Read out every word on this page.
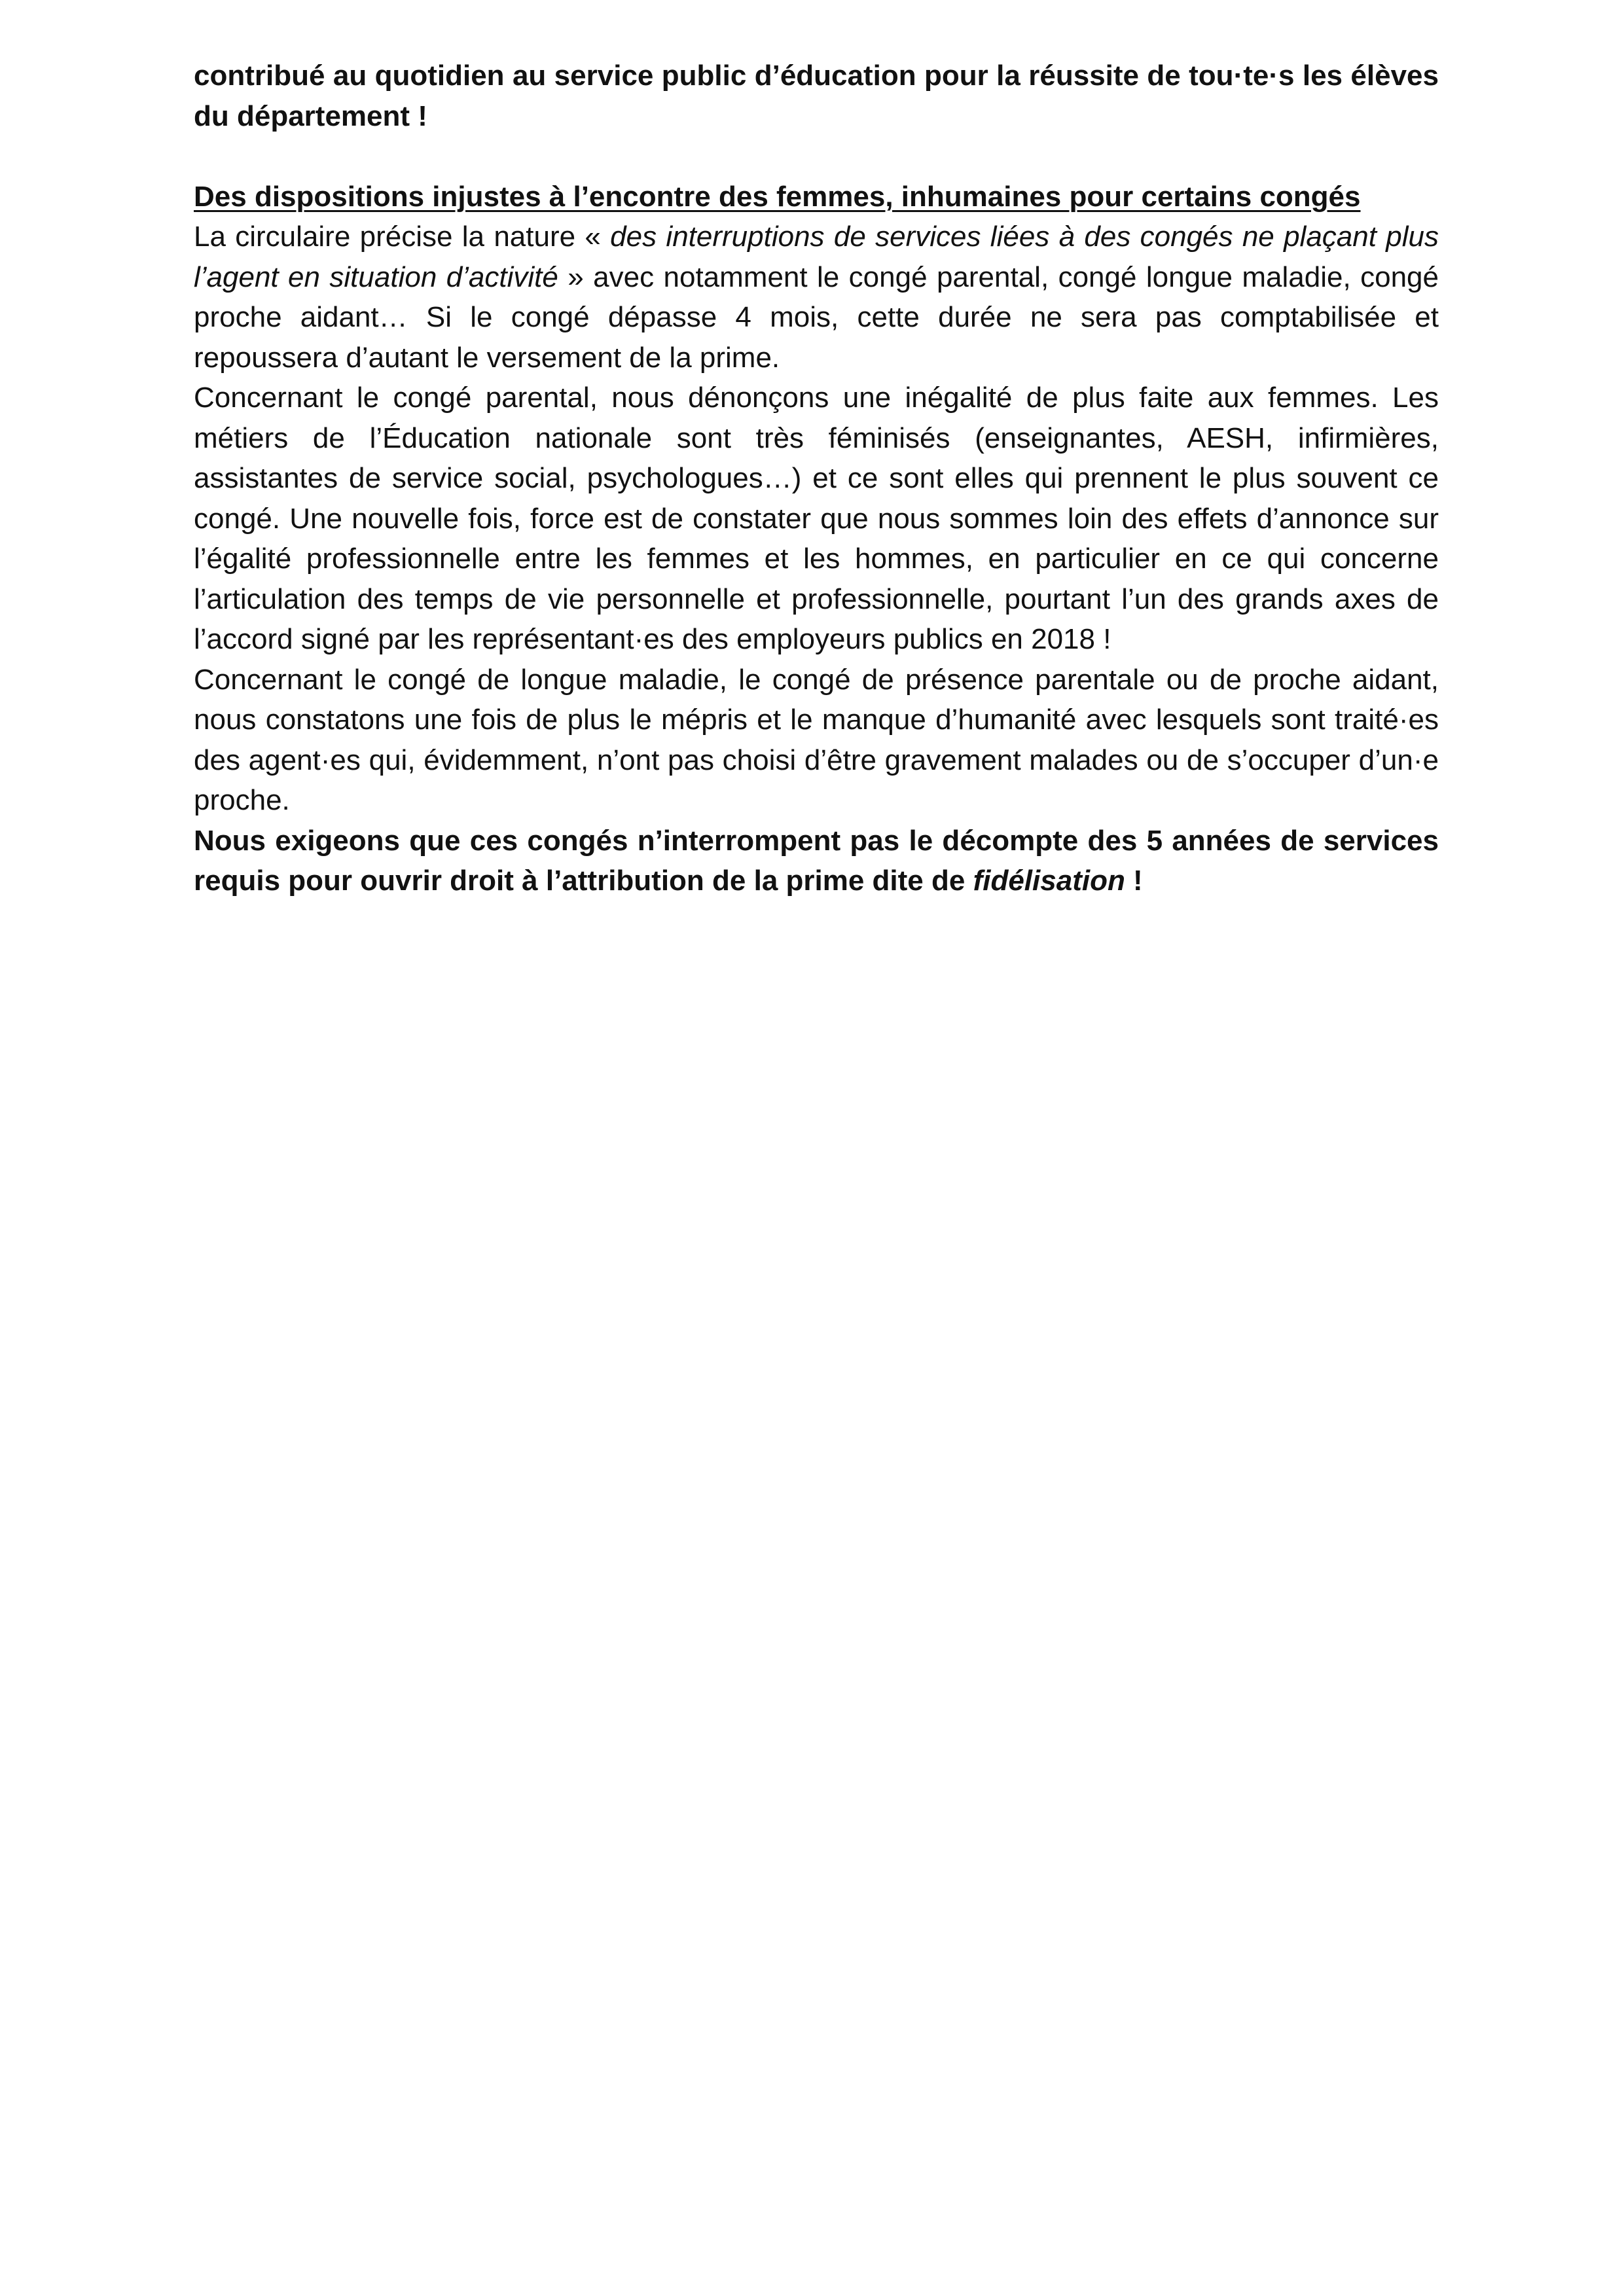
contribué au quotidien au service public d’éducation pour la réussite de tou·te·s les élèves du département !

Des dispositions injustes à l’encontre des femmes, inhumaines pour certains congés

La circulaire précise la nature « des interruptions de services liées à des congés ne plaçant plus l’agent en situation d’activité » avec notamment le congé parental, congé longue maladie, congé proche aidant… Si le congé dépasse 4 mois, cette durée ne sera pas comptabilisée et repoussera d’autant le versement de la prime.

Concernant le congé parental, nous dénonçons une inégalité de plus faite aux femmes. Les métiers de l’Éducation nationale sont très féminisés (enseignantes, AESH, infirmières, assistantes de service social, psychologues…) et ce sont elles qui prennent le plus souvent ce congé. Une nouvelle fois, force est de constater que nous sommes loin des effets d’annonce sur l’égalité professionnelle entre les femmes et les hommes, en particulier en ce qui concerne l’articulation des temps de vie personnelle et professionnelle, pourtant l’un des grands axes de l’accord signé par les représentant·es des employeurs publics en 2018 !

Concernant le congé de longue maladie, le congé de présence parentale ou de proche aidant, nous constatons une fois de plus le mépris et le manque d’humanité avec lesquels sont traité·es des agent·es qui, évidemment, n’ont pas choisi d’être gravement malades ou de s’occuper d’un·e proche.

Nous exigeons que ces congés n’interrompent pas le décompte des 5 années de services requis pour ouvrir droit à l’attribution de la prime dite de fidélisation !
